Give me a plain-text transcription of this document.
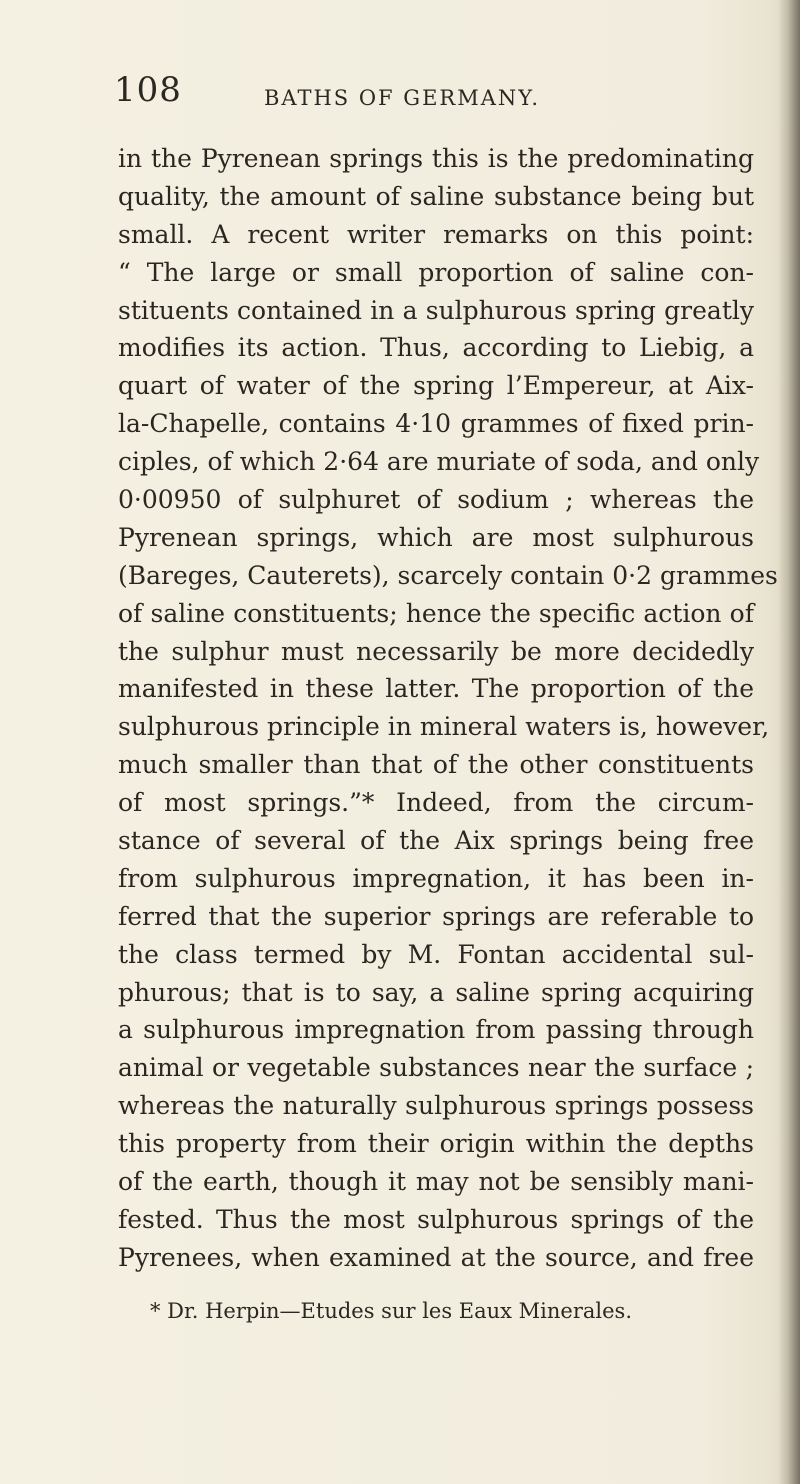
108	BATHS OF GERMANY.
in the Pyrenean springs this is the predominating
quality, the amount of saline substance being but
small. A recent writer remarks on this point:
“ The large or small proportion of saline con-
stituents contained in a sulphurous spring greatly
modifies its action. Thus, according to Liebig, a
quart of water of the spring l’Empereur, at Aix-
la-Chapelle, contains 4·10 grammes of fixed prin-
ciples, of which 2·64 are muriate of soda, and only
0·00950 of sulphuret of sodium ; whereas the
Pyrenean springs, which are most sulphurous
(Bareges, Cauterets), scarcely contain 0·2 grammes
of saline constituents; hence the specific action of
the sulphur must necessarily be more decidedly
manifested in these latter. The proportion of the
sulphurous principle in mineral waters is, however,
much smaller than that of the other constituents
of most springs.”* Indeed, from the circum-
stance of several of the Aix springs being free
from sulphurous impregnation, it has been in-
ferred that the superior springs are referable to
the class termed by M. Fontan accidental sul-
phurous; that is to say, a saline spring acquiring
a sulphurous impregnation from passing through
animal or vegetable substances near the surface ;
whereas the naturally sulphurous springs possess
this property from their origin within the depths
of the earth, though it may not be sensibly mani-
fested. Thus the most sulphurous springs of the
Pyrenees, when examined at the source, and free
* Dr. Herpin—Etudes sur les Eaux Minerales.
